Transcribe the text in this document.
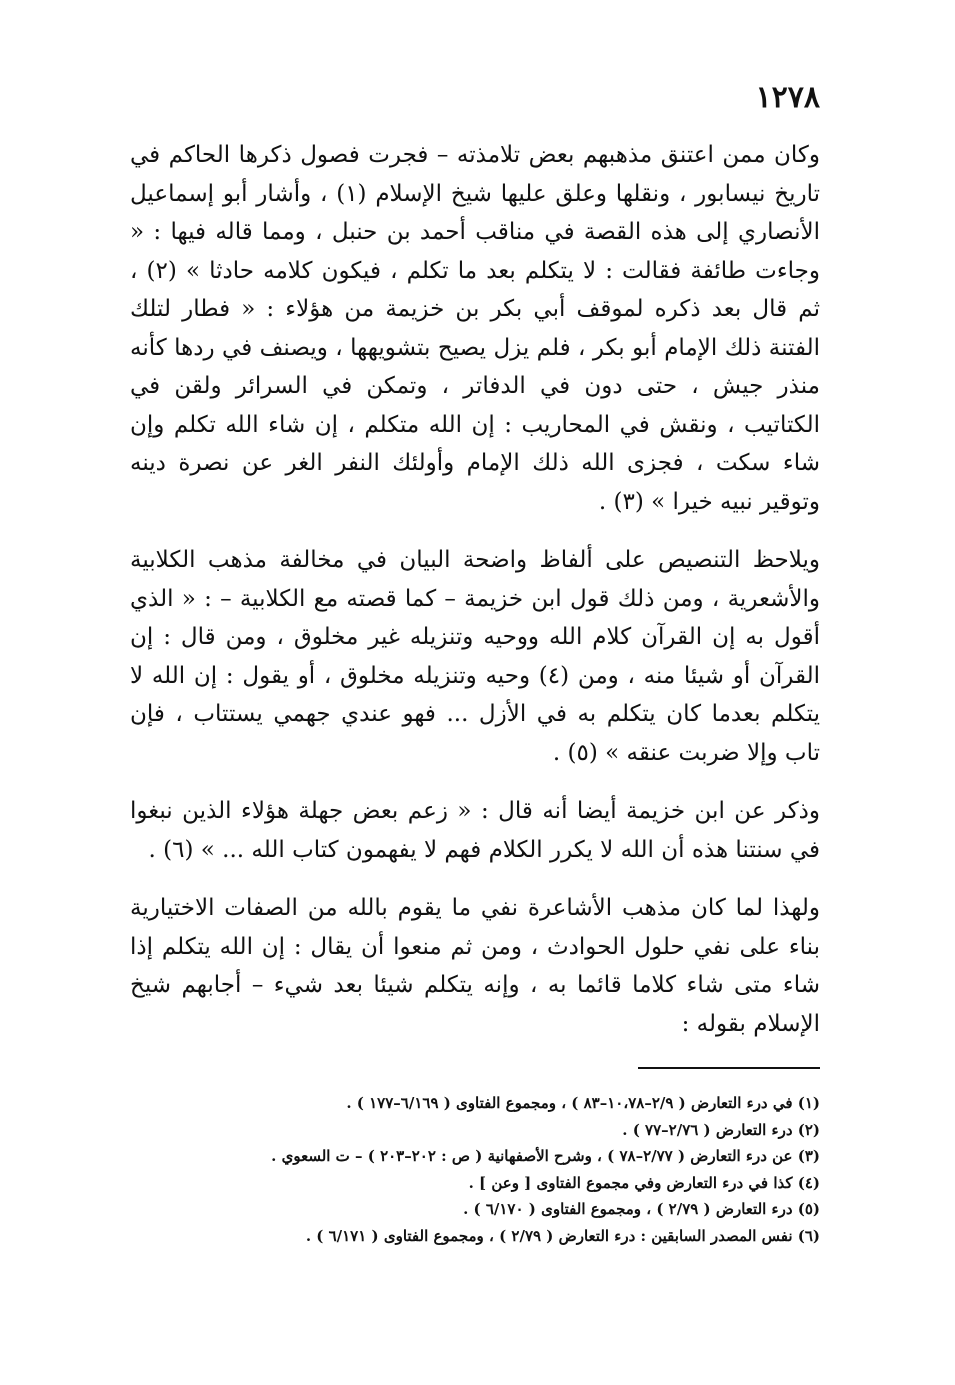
١٢٧٨

وكان ممن اعتنق مذهبهم بعض تلامذته – فجرت فصول ذكرها الحاكم في تاريخ نيسابور ، ونقلها وعلق عليها شيخ الإسلام (١) ، وأشار أبو إسماعيل الأنصاري إلى هذه القصة في مناقب أحمد بن حنبل ، ومما قاله فيها : « وجاءت طائفة فقالت : لا يتكلم بعد ما تكلم ، فيكون كلامه حادثا » (٢) ، ثم قال بعد ذكره لموقف أبي بكر بن خزيمة من هؤلاء : « فطار لتلك الفتنة ذلك الإمام أبو بكر ، فلم يزل يصيح بتشويهها ، ويصنف في ردها كأنه منذر جيش ، حتى دون في الدفاتر ، وتمكن في السرائر ولقن في الكتاتيب ، ونقش في المحاريب : إن الله متكلم ، إن شاء الله تكلم وإن شاء سكت ، فجزى الله ذلك الإمام وأولئك النفر الغر عن نصرة دينه وتوقير نبيه خيرا » (٣) .

ويلاحظ التنصيص على ألفاظ واضحة البيان في مخالفة مذهب الكلابية والأشعرية ، ومن ذلك قول ابن خزيمة – كما قصته مع الكلابية – : « الذي أقول به إن القرآن كلام الله ووحيه وتنزيله غير مخلوق ، ومن قال : إن القرآن أو شيئا منه ، ومن (٤) وحيه وتنزيله مخلوق ، أو يقول : إن الله لا يتكلم بعدما كان يتكلم به في الأزل ... فهو عندي جهمي يستتاب ، فإن تاب وإلا ضربت عنقه » (٥) .

وذكر عن ابن خزيمة أيضا أنه قال : « زعم بعض جهلة هؤلاء الذين نبغوا في سنتنا هذه أن الله لا يكرر الكلام فهم لا يفهمون كتاب الله ... » (٦) .

ولهذا لما كان مذهب الأشاعرة نفي ما يقوم بالله من الصفات الاختيارية بناء على نفي حلول الحوادث ، ومن ثم منعوا أن يقال : إن الله يتكلم إذا شاء متى شاء كلاما قائما به ، وإنه يتكلم شيئا بعد شيء – أجابهم شيخ الإسلام بقوله :

(١) في درء التعارض ( ٢/٩–١٠،٧٨–٨٣ ) ، ومجموع الفتاوى ( ٦/١٦٩–١٧٧ ) .
(٢) درء التعارض ( ٢/٧٦–٧٧ ) .
(٣) عن درء التعارض ( ٢/٧٧–٧٨ ) ، وشرح الأصفهانية ( ص : ٢٠٢–٢٠٣ ) – ت السعوي .
(٤) كذا في درء التعارض وفي مجموع الفتاوى [ وعن ] .
(٥) درء التعارض ( ٢/٧٩ ) ، ومجموع الفتاوى ( ٦/١٧٠ ) .
(٦) نفس المصدر السابقين : درء التعارض ( ٢/٧٩ ) ، ومجموع الفتاوى ( ٦/١٧١ ) .
